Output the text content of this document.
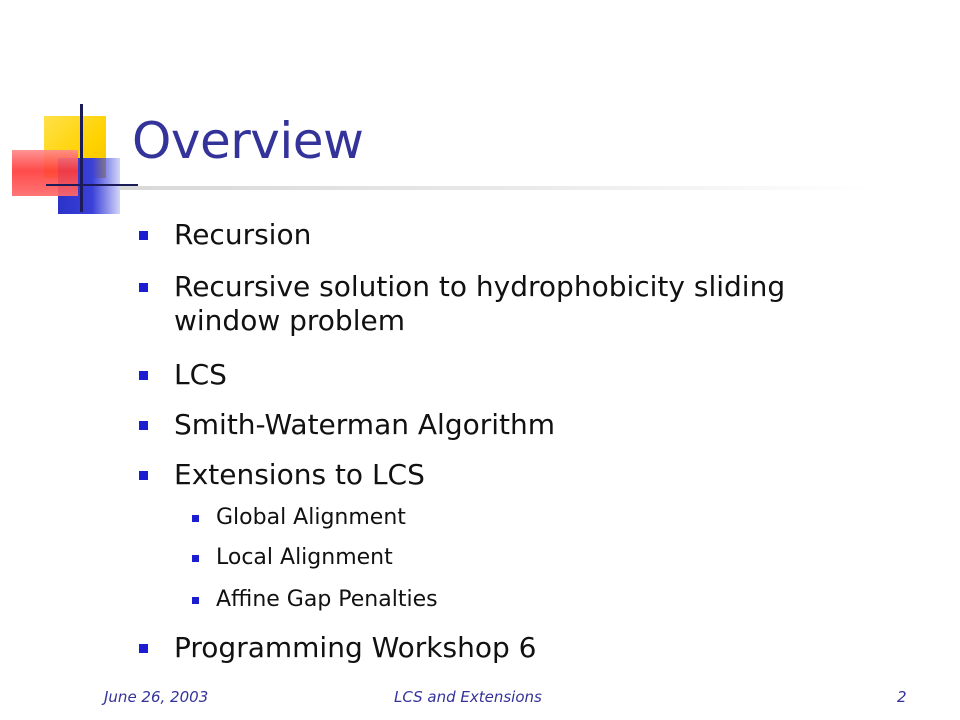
Overview
Recursion
Recursive solution to hydrophobicity sliding window problem
LCS
Smith-Waterman Algorithm
Extensions to LCS
Global Alignment
Local Alignment
Affine Gap Penalties
Programming Workshop 6
June 26, 2003	LCS and Extensions	2
